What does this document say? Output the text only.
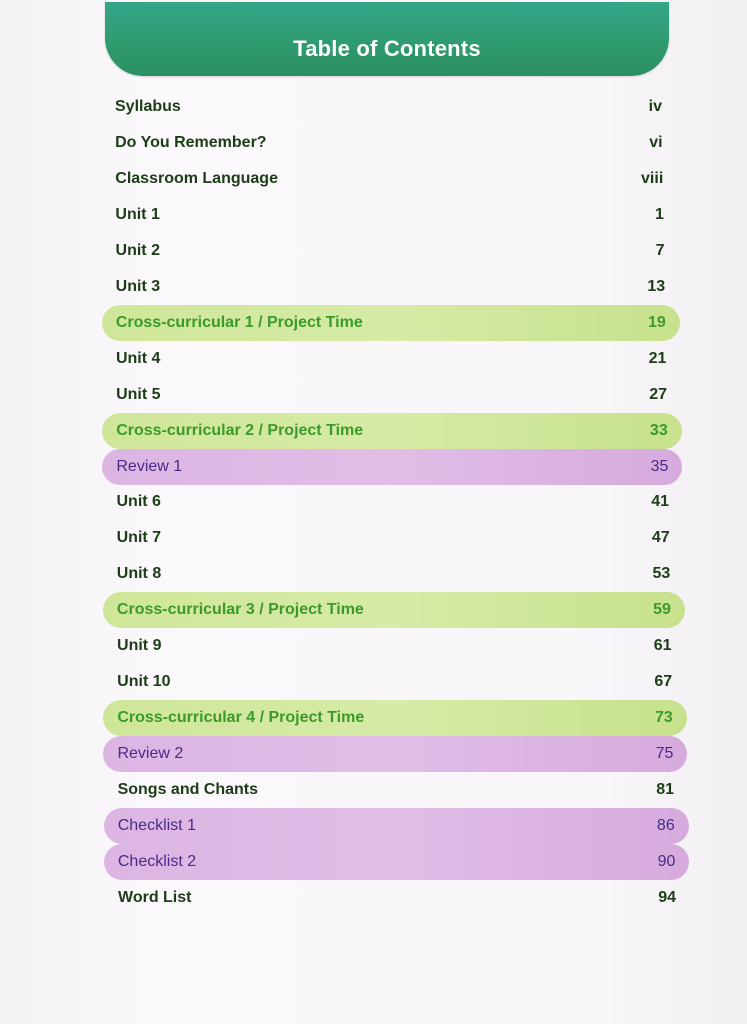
Table of Contents
Syllabus	iv
Do You Remember?	vi
Classroom Language	viii
Unit 1	1
Unit 2	7
Unit 3	13
Cross-curricular 1 / Project Time	19
Unit 4	21
Unit 5	27
Cross-curricular 2 / Project Time	33
Review 1	35
Unit 6	41
Unit 7	47
Unit 8	53
Cross-curricular 3 / Project Time	59
Unit 9	61
Unit 10	67
Cross-curricular 4 / Project Time	73
Review 2	75
Songs and Chants	81
Checklist 1	86
Checklist 2	90
Word List	94
